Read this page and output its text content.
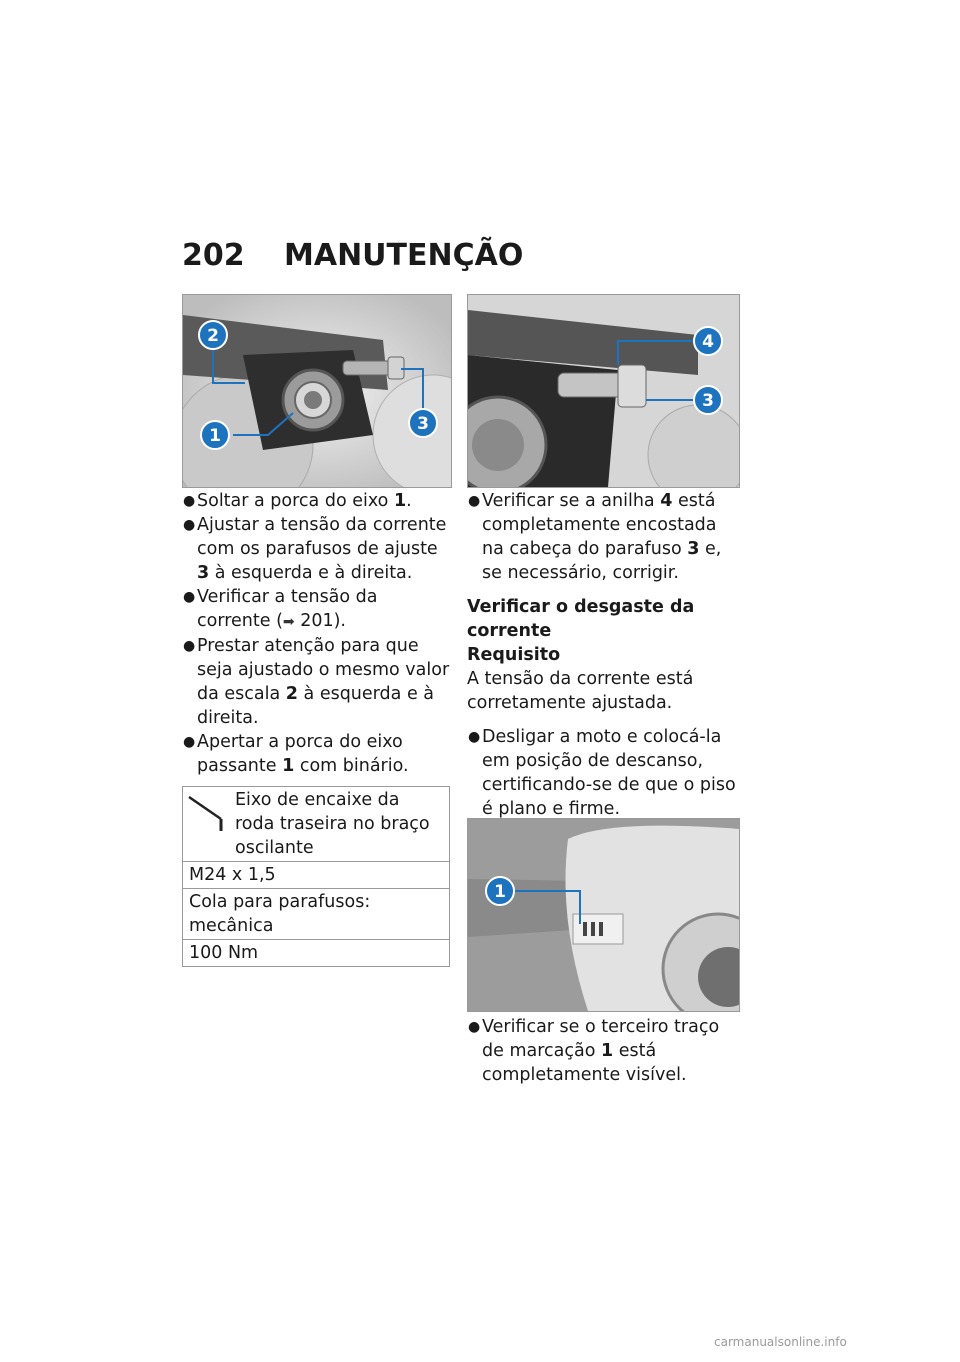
202	MANUTENÇÃO
2
1
3
4
3
1

● Soltar a porca do eixo 1.

● Ajustar a tensão da corrente com os parafusos de ajuste 3 à esquerda e à direita.

● Verificar a tensão da corrente (➡ 201).

● Prestar atenção para que seja ajustado o mesmo valor da escala 2 à esquerda e à direita.

● Apertar a porca do eixo passante 1 com binário.

Eixo de encaixe da roda traseira no braço oscilante
M24 x 1,5
Cola para parafusos: mecânica
100 Nm

● Verificar se a anilha 4 está completamente encostada na cabeça do parafuso 3 e, se necessário, corrigir.

Verificar o desgaste da corrente

Requisito

A tensão da corrente está corretamente ajustada.

● Desligar a moto e colocá-la em posição de descanso, certificando-se de que o piso é plano e firme.

● Verificar se o terceiro traço de marcação 1 está completamente visível.

carmanualsonline.info
